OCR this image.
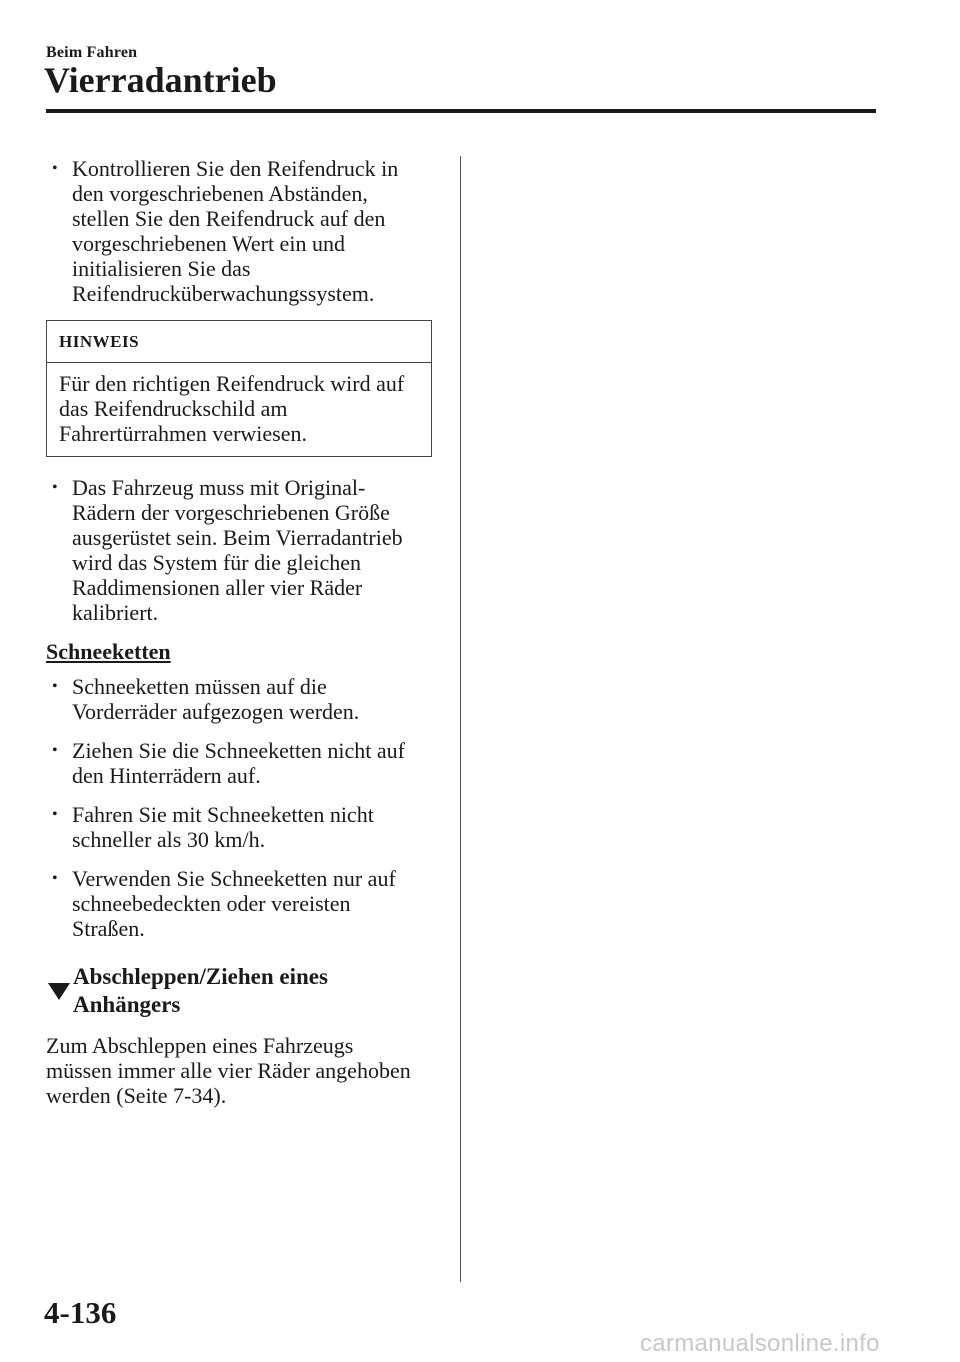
Beim Fahren
Vierradantrieb
• Kontrollieren Sie den Reifendruck in
den vorgeschriebenen Abständen,
stellen Sie den Reifendruck auf den
vorgeschriebenen Wert ein und
initialisieren Sie das
Reifendrucküberwachungssystem.
HINWEIS
Für den richtigen Reifendruck wird auf
das Reifendruckschild am
Fahrertürrahmen verwiesen.
• Das Fahrzeug muss mit Original-
Rädern der vorgeschriebenen Größe
ausgerüstet sein. Beim Vierradantrieb
wird das System für die gleichen
Raddimensionen aller vier Räder
kalibriert.
Schneeketten
• Schneeketten müssen auf die
Vorderräder aufgezogen werden.
• Ziehen Sie die Schneeketten nicht auf
den Hinterrädern auf.
• Fahren Sie mit Schneeketten nicht
schneller als 30 km/h.
• Verwenden Sie Schneeketten nur auf
schneebedeckten oder vereisten
Straßen.
Abschleppen/Ziehen eines Anhängers
Zum Abschleppen eines Fahrzeugs
müssen immer alle vier Räder angehoben
werden (Seite 7-34).
4-136
carmanualsonline.info
